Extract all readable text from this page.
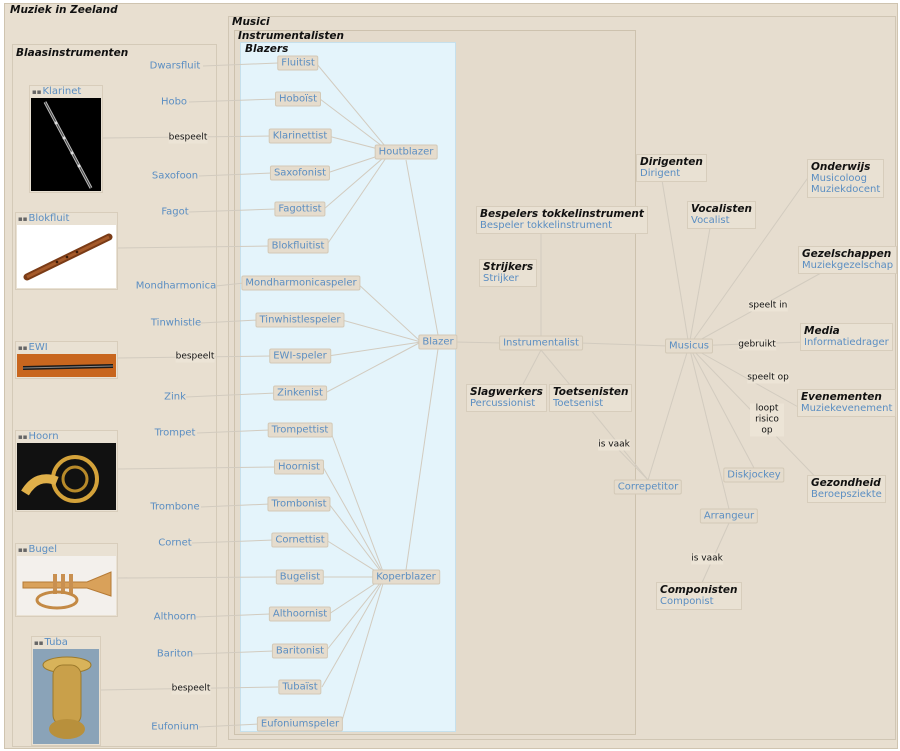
Muziek in Zeeland
Blaasinstrumenten
Musici
Instrumentalisten
Blazers
Dwarsfluit
Hobo
Saxofoon
Fagot
Mondharmonica
Tinwhistle
Zink
Trompet
Trombone
Cornet
Althoorn
Bariton
Eufonium
▪▪Klarinet
▪▪Blokfluit
▪▪EWI
▪▪Hoorn
▪▪Bugel
▪▪Tuba
Fluitist
Hoboïst
Klarinettist
Saxofonist
Fagottist
Blokfluitist
Mondharmonicaspeler
Tinwhistlespeler
EWI-speler
Zinkenist
Trompettist
Hoornist
Trombonist
Cornettist
Bugelist
Althoornist
Baritonist
Tubaïst
Eufoniumspeler
Houtblazer
Koperblazer
Blazer	Instrumentalist	Musicus
Correpetitor
Diskjockey
Arrangeur
Bespelers tokkelinstrument
Bespeler tokkelinstrument
Strijkers
Strijker
Slagwerkers
Percussionist
Toetsenisten
Toetsenist
Dirigenten
Dirigent
Vocalisten
Vocalist
Componisten
Componist
Onderwijs
Musicoloog
Muziekdocent
Gezelschappen
Muziekgezelschap
Media
Informatiedrager
Evenementen
Muziekevenement
Gezondheid
Beroepsziekte
bespeelt
bespeelt
bespeelt
speelt in
gebruikt
speelt op
loopt risico op
is vaak
is vaak
